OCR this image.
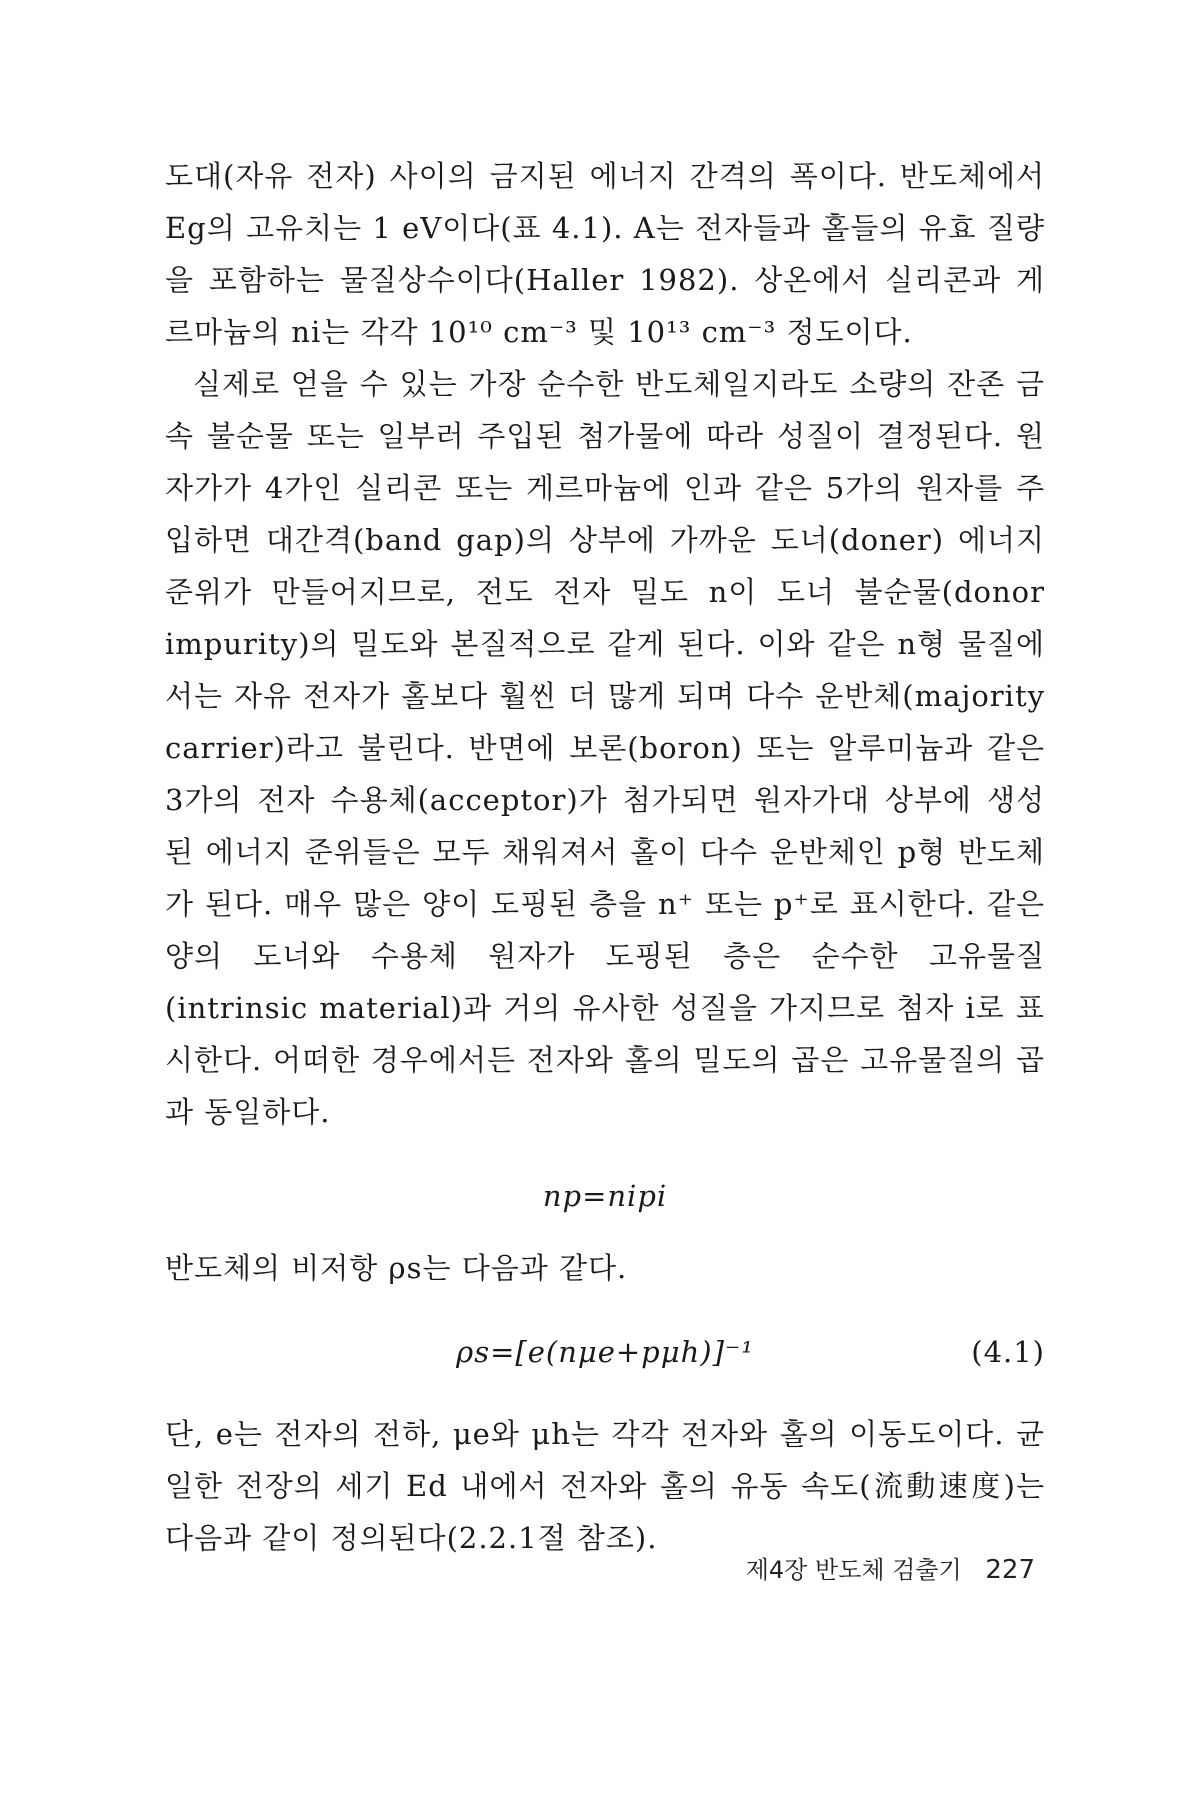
도대(자유 전자) 사이의 금지된 에너지 간격의 폭이다. 반도체에서 Eg의 고유치는 1 eV이다(표 4.1). A는 전자들과 홀들의 유효 질량을 포함하는 물질상수이다(Haller 1982). 상온에서 실리콘과 게르마늄의 ni는 각각 10¹⁰ cm⁻³ 및 10¹³ cm⁻³ 정도이다.

실제로 얻을 수 있는 가장 순수한 반도체일지라도 소량의 잔존 금속 불순물 또는 일부러 주입된 첨가물에 따라 성질이 결정된다. 원자가가 4가인 실리콘 또는 게르마늄에 인과 같은 5가의 원자를 주입하면 대간격(band gap)의 상부에 가까운 도너(doner) 에너지 준위가 만들어지므로, 전도 전자 밀도 n이 도너 불순물(donor impurity)의 밀도와 본질적으로 같게 된다. 이와 같은 n형 물질에서는 자유 전자가 홀보다 훨씬 더 많게 되며 다수 운반체(majority carrier)라고 불린다. 반면에 보론(boron) 또는 알루미늄과 같은 3가의 전자 수용체(acceptor)가 첨가되면 원자가대 상부에 생성된 에너지 준위들은 모두 채워져서 홀이 다수 운반체인 p형 반도체가 된다. 매우 많은 양이 도핑된 층을 n⁺ 또는 p⁺로 표시한다. 같은 양의 도너와 수용체 원자가 도핑된 층은 순수한 고유물질(intrinsic material)과 거의 유사한 성질을 가지므로 첨자 i로 표시한다. 어떠한 경우에서든 전자와 홀의 밀도의 곱은 고유물질의 곱과 동일하다.

np=nipi

반도체의 비저항 ρs는 다음과 같다.

ρs=[e(nμe+pμh)]⁻¹	(4.1)

단, e는 전자의 전하, μe와 μh는 각각 전자와 홀의 이동도이다. 균일한 전장의 세기 Ed 내에서 전자와 홀의 유동 속도(流動速度)는 다음과 같이 정의된다(2.2.1절 참조).

제4장 반도체 검출기 227
